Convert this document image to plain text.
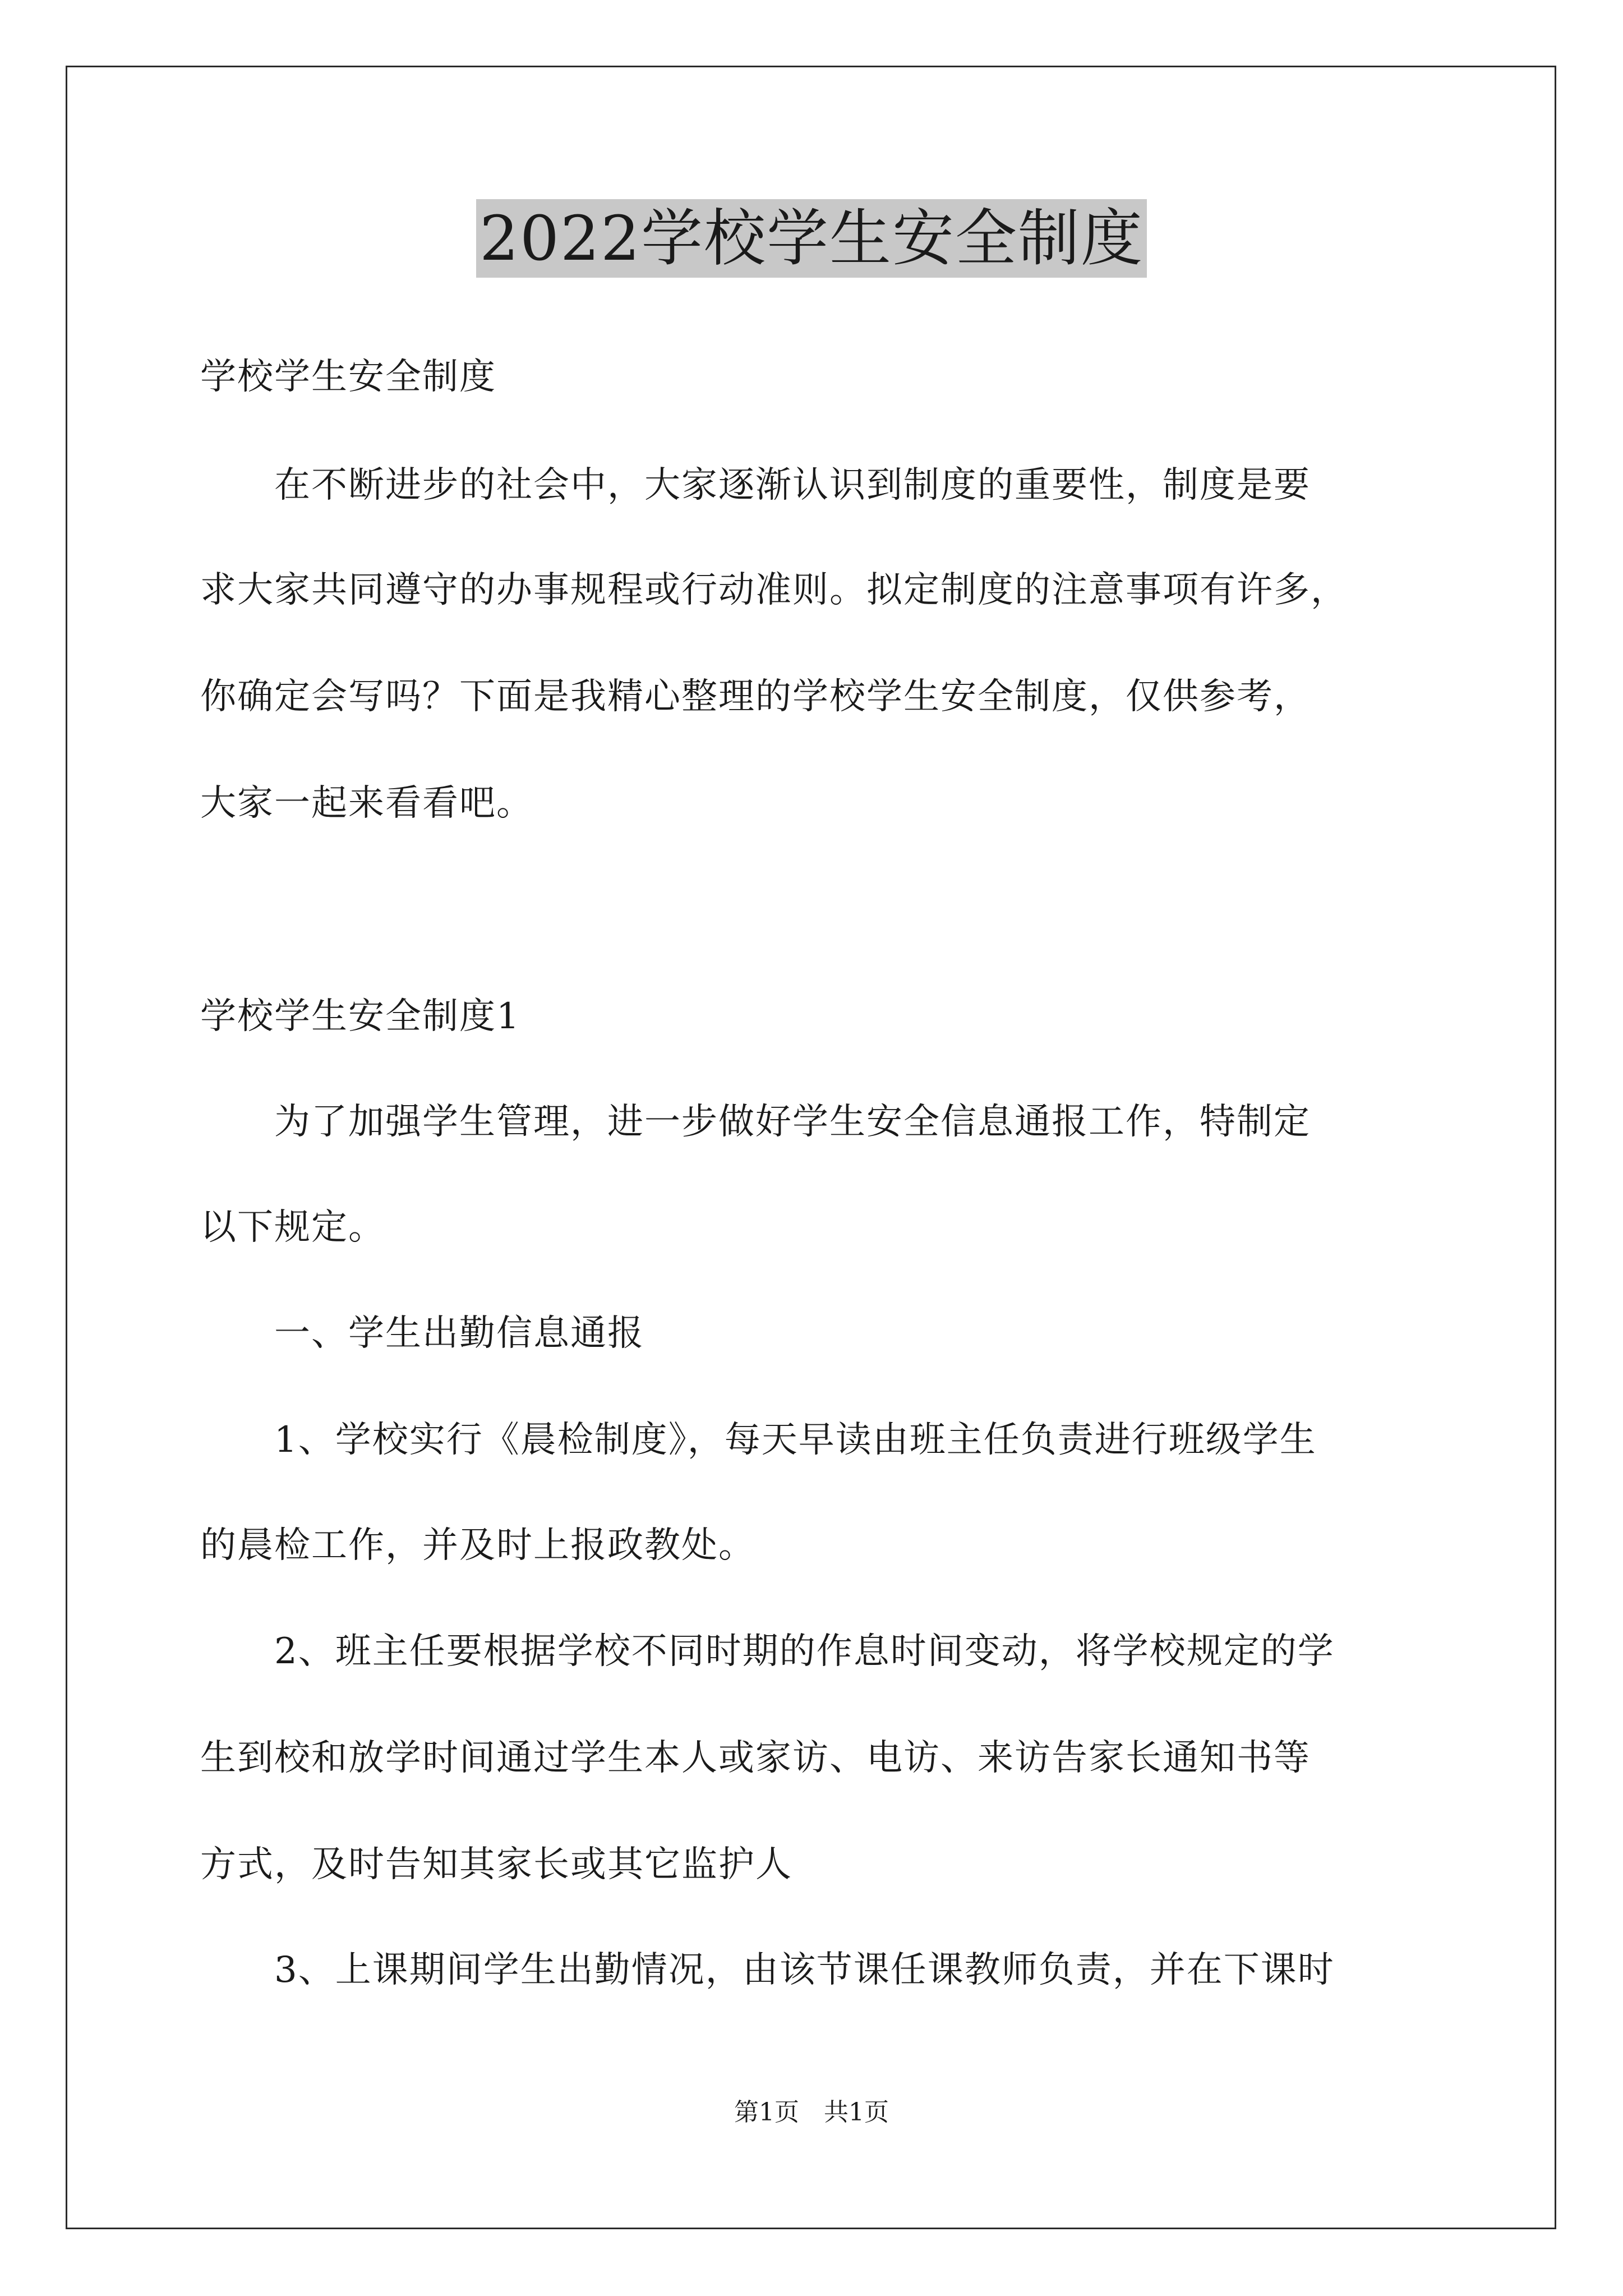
2022学校学生安全制度
学校学生安全制度
　　在不断进步的社会中，大家逐渐认识到制度的重要性，制度是要
求大家共同遵守的办事规程或行动准则。拟定制度的注意事项有许多，
你确定会写吗？下面是我精心整理的学校学生安全制度，仅供参考，
大家一起来看看吧。
学校学生安全制度1
　　为了加强学生管理，进一步做好学生安全信息通报工作，特制定
以下规定。
　　一、学生出勤信息通报
　　1、学校实行《晨检制度》，每天早读由班主任负责进行班级学生
的晨检工作，并及时上报政教处。
　　2、班主任要根据学校不同时期的作息时间变动，将学校规定的学
生到校和放学时间通过学生本人或家访、电访、来访告家长通知书等
方式，及时告知其家长或其它监护人
　　3、上课期间学生出勤情况，由该节课任课教师负责，并在下课时
第1页　共1页
